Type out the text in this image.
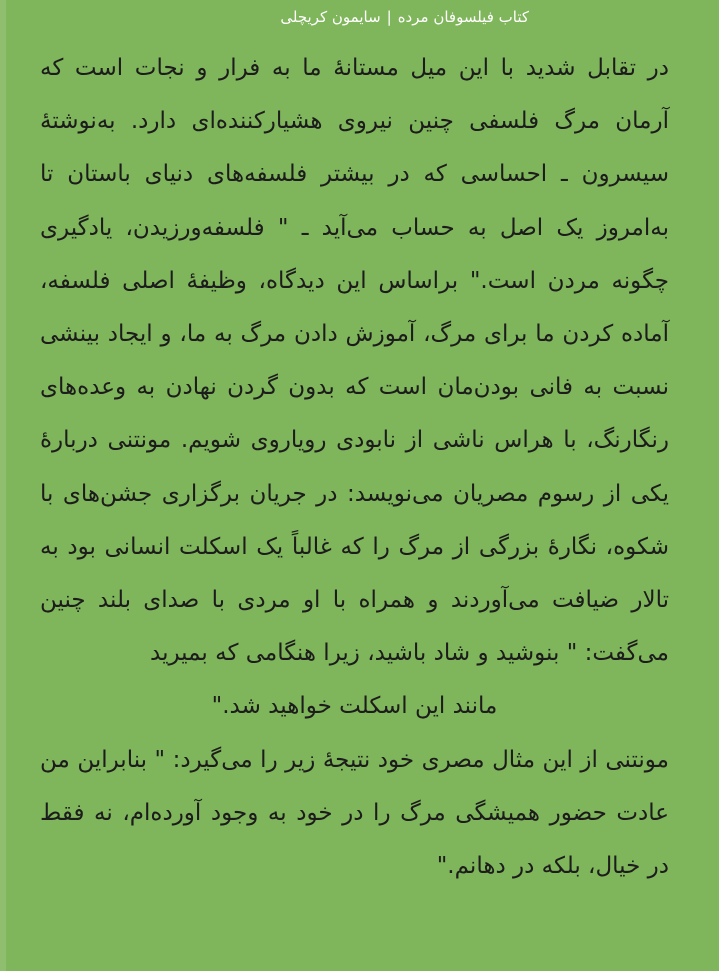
کتاب فیلسوفان مرده
|
سایمون کریچلی

در تقابل شدید با این میل مستانهٔ ما به فرار و نجات است که آرمان مرگ فلسفی چنین نیروی هشیارکننده‌ای دارد. به‌نوشتهٔ سیسرون ـ احساسی که در بیشتر فلسفه‌های دنیای باستان تا به‌امروز یک اصل به حساب می‌آید ـ " فلسفه‌ورزیدن، یادگیری چگونه مردن است." براساس این دیدگاه، وظیفهٔ اصلی فلسفه، آماده کردن ما برای مرگ، آموزش دادن مرگ به ما، و ایجاد بینشی نسبت به فانی بودن‌مان است که بدون گردن نهادن به وعده‌های رنگارنگ، با هراس ناشی از نابودی رویاروی شویم. مونتنی دربارهٔ یکی از رسوم مصریان می‌نویسد: در جریان برگزاری جشن‌های با شکوه، نگارهٔ بزرگی از مرگ را که غالباً یک اسکلت انسانی بود به تالار ضیافت می‌آوردند و همراه با او مردی با صدای بلند چنین می‌گفت: " بنوشید و شاد باشید، زیرا هنگامی که بمیرید

مانند این اسکلت خواهید شد."

مونتنی از این مثال مصری خود نتیجهٔ زیر را می‌گیرد: " بنابراین من عادت حضور همیشگی مرگ را در خود به وجود آورده‌ام، نه فقط در خیال، بلکه در دهانم."
